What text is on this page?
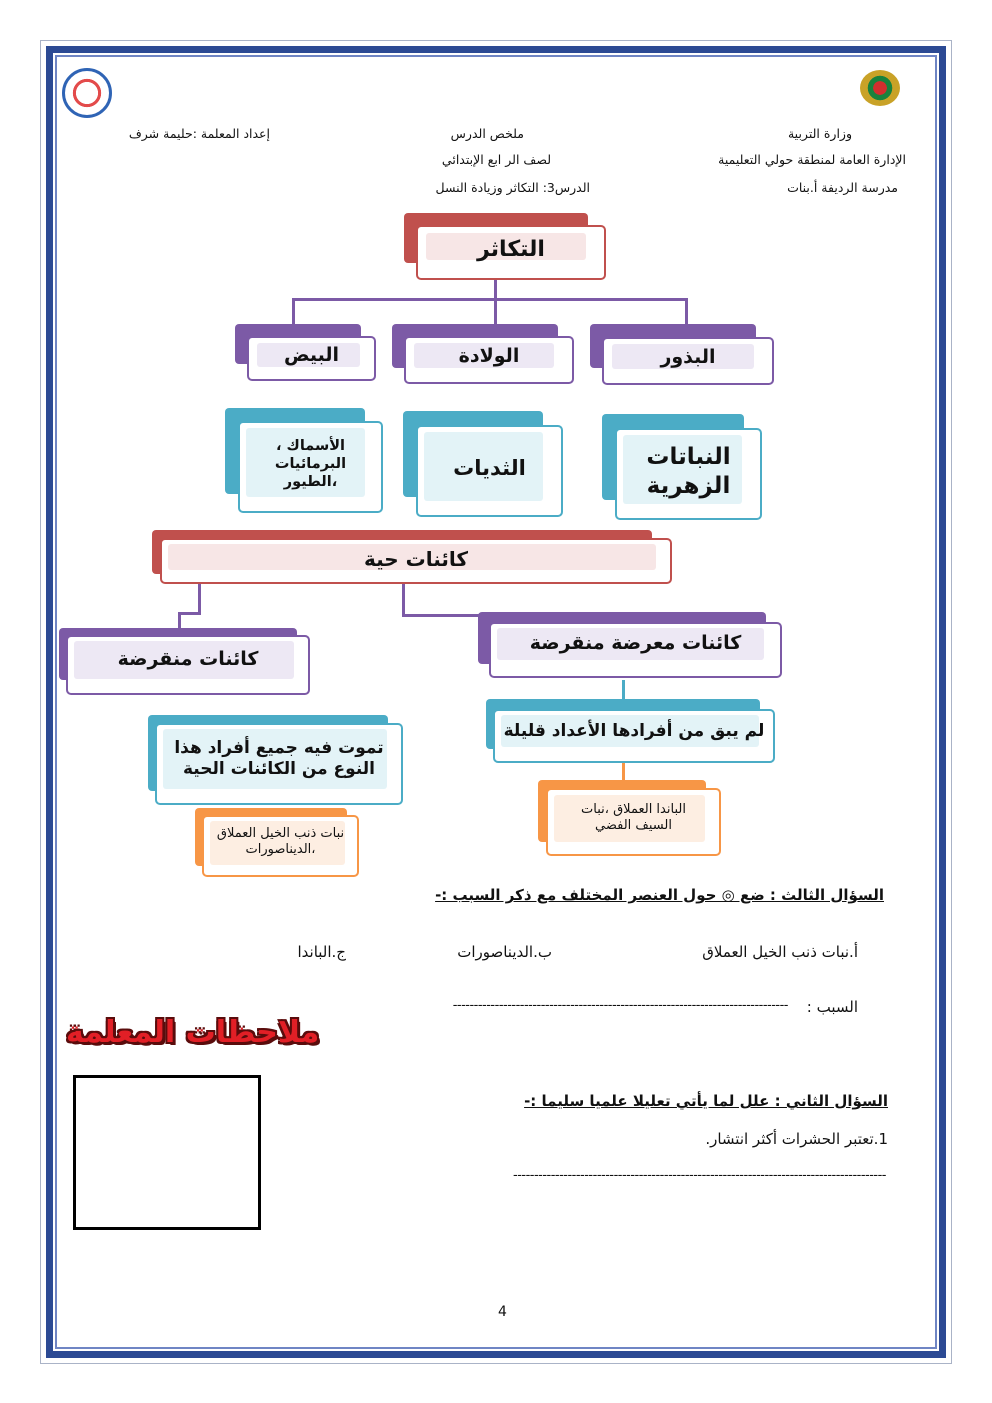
وزارة التربية
الإدارة العامة لمنطقة حولي التعليمية
مدرسة الرديفة أ.بنات
ملخص الدرس
لصف الر ابع الإبتدائي
الدرس3: التكاثر وزيادة النسل
إعداد المعلمة :حليمة شرف
التكاثر
البذور
الولادة
البيض
النباتات الزهرية
الثديات
الأسماك ، البرمائيات ،الطيور
كائنات حية
كائنات معرضة منقرضة
لم يبق من أفرادها الأعداد قليلة
الباندا العملاق ،نبات السيف الفضي
كائنات منقرضة
تموت فيه جميع أفراد هذا النوع من الكائنات الحية
نبات ذنب الخيل العملاق ،الديناصورات
السؤال الثالث : ضع ◎ حول العنصر المختلف مع ذكر السبب :-
أ.نبات ذنب الخيل العملاق
ب.الديناصورات
ج.الباندا
السبب :
--------------------------------------------------------------------------------
ملاحظات المعلمة
السؤال الثاني : علل لما يأتي تعليلا علميا سليما :-
1.تعتبر الحشرات أكثر انتشار.
-----------------------------------------------------------------------------------------
4
